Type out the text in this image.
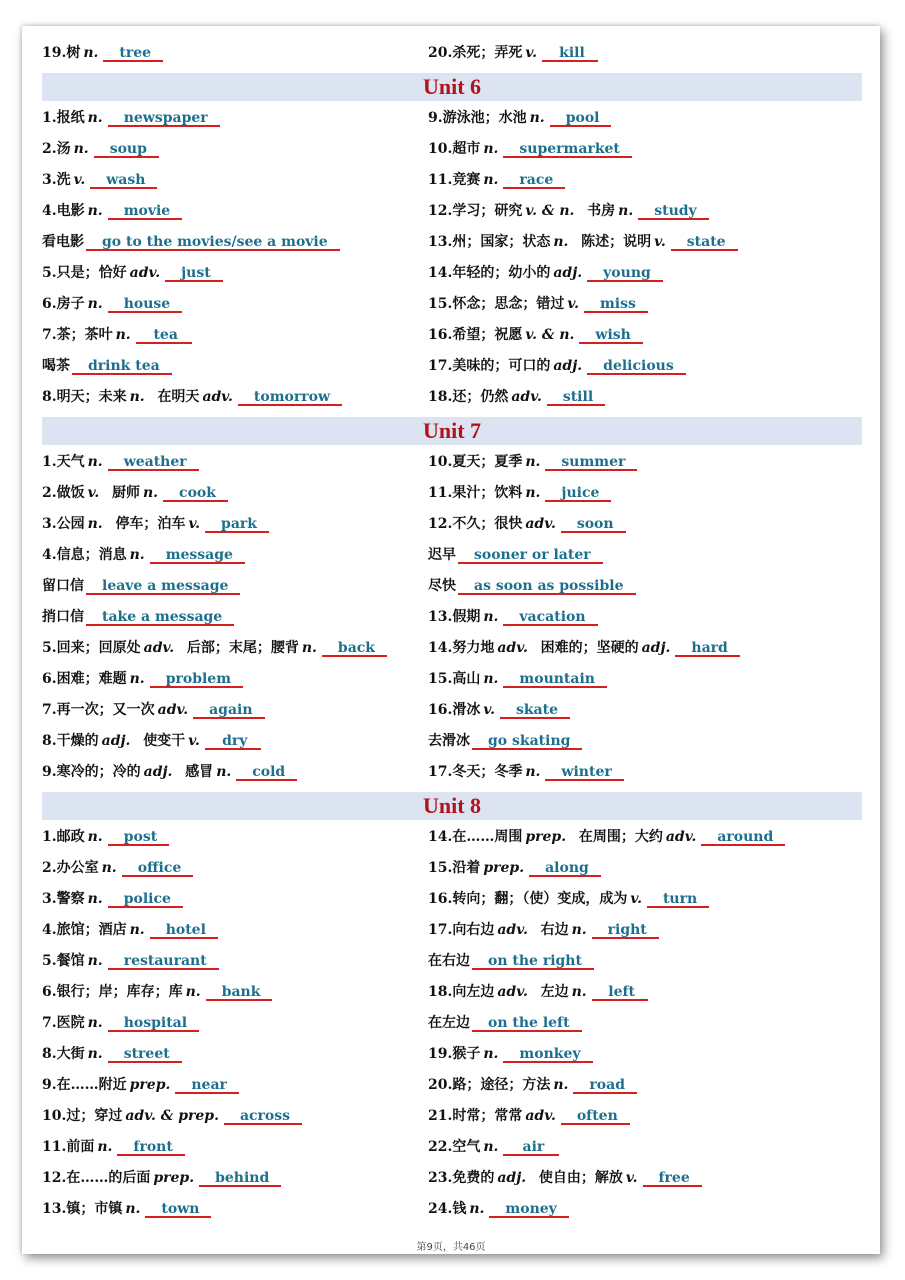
19.树 n. tree	20.杀死；弄死 v. kill
Unit 6
1.报纸 n. newspaper	9.游泳池；水池 n. pool
2.汤 n. soup	10.超市 n. supermarket
3.洗 v. wash	11.竞赛 n. race
4.电影 n. movie	12.学习；研究 v. & n. 书房 n. study
看电影 go to the movies/see a movie	13.州；国家；状态 n. 陈述；说明 v. state
5.只是；恰好 adv. just	14.年轻的；幼小的 adj. young
6.房子 n. house	15.怀念；思念；错过 v. miss
7.茶；茶叶 n. tea	16.希望；祝愿 v. & n. wish
喝茶 drink tea	17.美味的；可口的 adj. delicious
8.明天；未来 n. 在明天 adv. tomorrow	18.还；仍然 adv. still
Unit 7
1.天气 n. weather	10.夏天；夏季 n. summer
2.做饭 v. 厨师 n. cook	11.果汁；饮料 n. juice
3.公园 n. 停车；泊车 v. park	12.不久；很快 adv. soon
4.信息；消息 n. message	迟早 sooner or later
留口信 leave a message	尽快 as soon as possible
捎口信 take a message	13.假期 n. vacation
5.回来；回原处 adv. 后部；末尾；腰背 n. back	14.努力地 adv. 困难的；坚硬的 adj. hard
6.困难；难题 n. problem	15.高山 n. mountain
7.再一次；又一次 adv. again	16.滑冰 v. skate
8.干燥的 adj. 使变干 v. dry	去滑冰 go skating
9.寒冷的；冷的 adj. 感冒 n. cold	17.冬天；冬季 n. winter
Unit 8
1.邮政 n. post	14.在……周围 prep. 在周围；大约 adv. around
2.办公室 n. office	15.沿着 prep. along
3.警察 n. police	16.转向；翻；（使）变成，成为 v. turn
4.旅馆；酒店 n. hotel	17.向右边 adv. 右边 n. right
5.餐馆 n. restaurant	在右边 on the right
6.银行；岸；库存；库 n. bank	18.向左边 adv. 左边 n. left
7.医院 n. hospital	在左边 on the left
8.大街 n. street	19.猴子 n. monkey
9.在……附近 prep. near	20.路；途径；方法 n. road
10.过；穿过 adv. & prep. across	21.时常；常常 adv. often
11.前面 n. front	22.空气 n. air
12.在……的后面 prep. behind	23.免费的 adj. 使自由；解放 v. free
13.镇；市镇 n. town	24.钱 n. money
第9页，共46页
